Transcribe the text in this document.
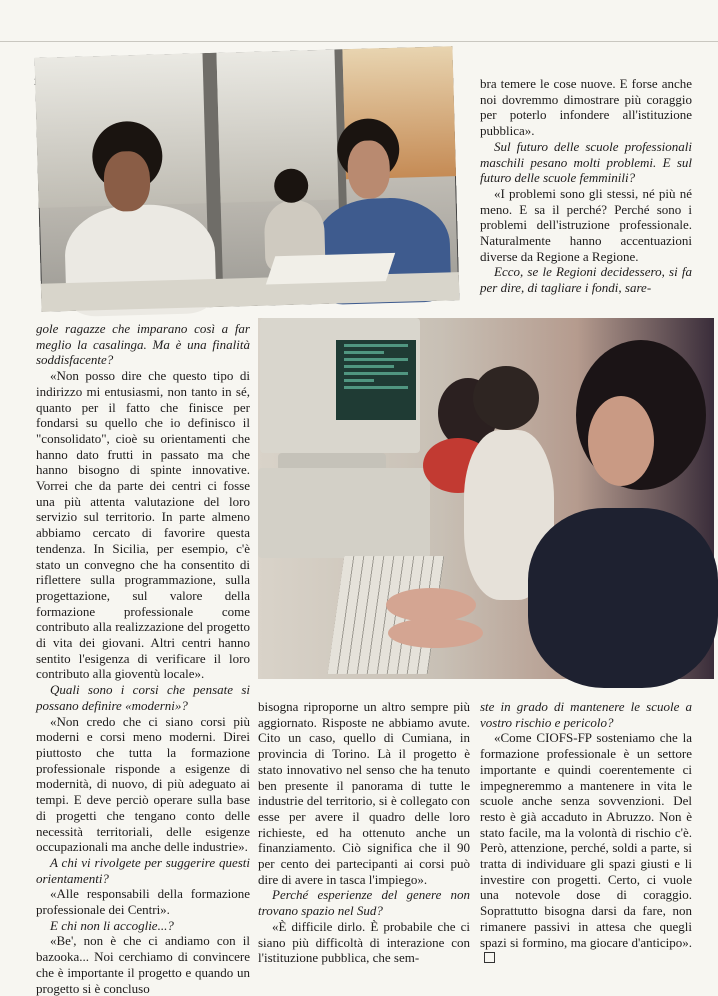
gole ragazze che imparano così a far meglio la casalinga. Ma è una finalità soddisfacente?

«Non posso dire che questo tipo di indirizzo mi entusiasmi, non tanto in sé, quanto per il fatto che finisce per fondarsi su quello che io definisco il "consolidato", cioè su orientamenti che hanno dato frutti in passato ma che hanno bisogno di spinte innovative. Vorrei che da parte dei centri ci fosse una più attenta valutazione del loro servizio sul territorio. In parte almeno abbiamo cercato di favorire questa tendenza. In Sicilia, per esempio, c'è stato un convegno che ha consentito di riflettere sulla programmazione, sulla progettazione, sul valore della formazione professionale come contributo alla realizzazione del progetto di vita dei giovani. Altri centri hanno sentito l'esigenza di verificare il loro contributo alla gioventù locale».

Quali sono i corsi che pensate si possano definire «moderni»?

«Non credo che ci siano corsi più moderni e corsi meno moderni. Direi piuttosto che tutta la formazione professionale risponde a esigenze di modernità, di nuovo, di più adeguato ai tempi. E deve perciò operare sulla base di progetti che tengano conto delle necessità territoriali, delle esigenze occupazionali ma anche delle industrie».

A chi vi rivolgete per suggerire questi orientamenti?

«Alle responsabili della formazione professionale dei Centri».

E chi non li accoglie...?

«Be', non è che ci andiamo con il bazooka... Noi cerchiamo di convincere che è importante il progetto e quando un progetto si è concluso

bisogna riproporne un altro sempre più aggiornato. Risposte ne abbiamo avute. Cito un caso, quello di Cumiana, in provincia di Torino. Là il progetto è stato innovativo nel senso che ha tenuto ben presente il panorama di tutte le industrie del territorio, si è collegato con esse per avere il quadro delle loro richieste, ed ha ottenuto anche un finanziamento. Ciò significa che il 90 per cento dei partecipanti ai corsi può dire di avere in tasca l'impiego».

Perché esperienze del genere non trovano spazio nel Sud?

«È difficile dirlo. È probabile che ci siano più difficoltà di interazione con l'istituzione pubblica, che sem-

bra temere le cose nuove. E forse anche noi dovremmo dimostrare più coraggio per poterlo infondere all'istituzione pubblica».

Sul futuro delle scuole professionali maschili pesano molti problemi. E sul futuro delle scuole femminili?

«I problemi sono gli stessi, né più né meno. E sa il perché? Perché sono i problemi dell'istruzione professionale. Naturalmente hanno accentuazioni diverse da Regione a Regione.

Ecco, se le Regioni decidessero, si fa per dire, di tagliare i fondi, sare-

ste in grado di mantenere le scuole a vostro rischio e pericolo?

«Come CIOFS-FP sosteniamo che la formazione professionale è un settore importante e quindi coerentemente ci impegneremmo a mantenere in vita le scuole anche senza sovvenzioni. Del resto è già accaduto in Abruzzo. Non è stato facile, ma la volontà di rischio c'è. Però, attenzione, perché, soldi a parte, si tratta di individuare gli spazi giusti e li investire con progetti. Certo, ci vuole una notevole dose di coraggio. Soprattutto bisogna darsi da fare, non rimanere passivi in attesa che quegli spazi si formino, ma giocare d'anticipo».
